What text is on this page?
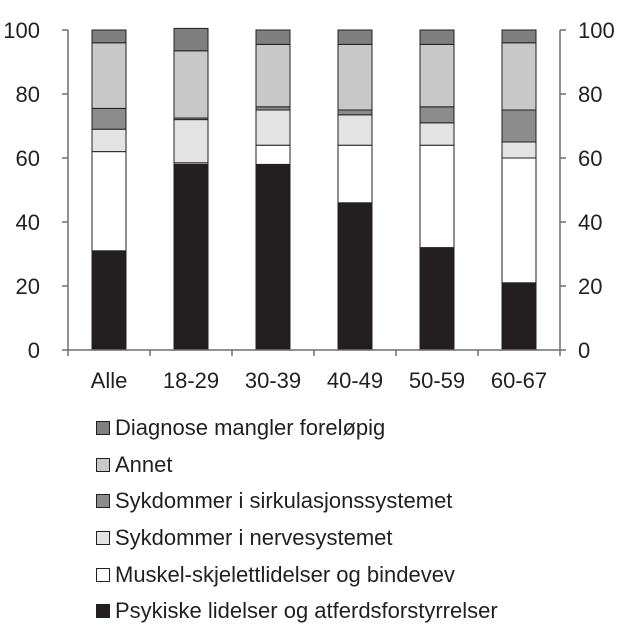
Alle 18-29 30-39 40-49 50-59 60-67
0	0
20	20
40	40
60	60
80	80
100	100
Diagnose mangler foreløpig
Annet
Sykdommer i sirkulasjonssystemet
Sykdommer i nervesystemet
Muskel-skjelettlidelser og bindevev
Psykiske lidelser og atferdsforstyrrelser
